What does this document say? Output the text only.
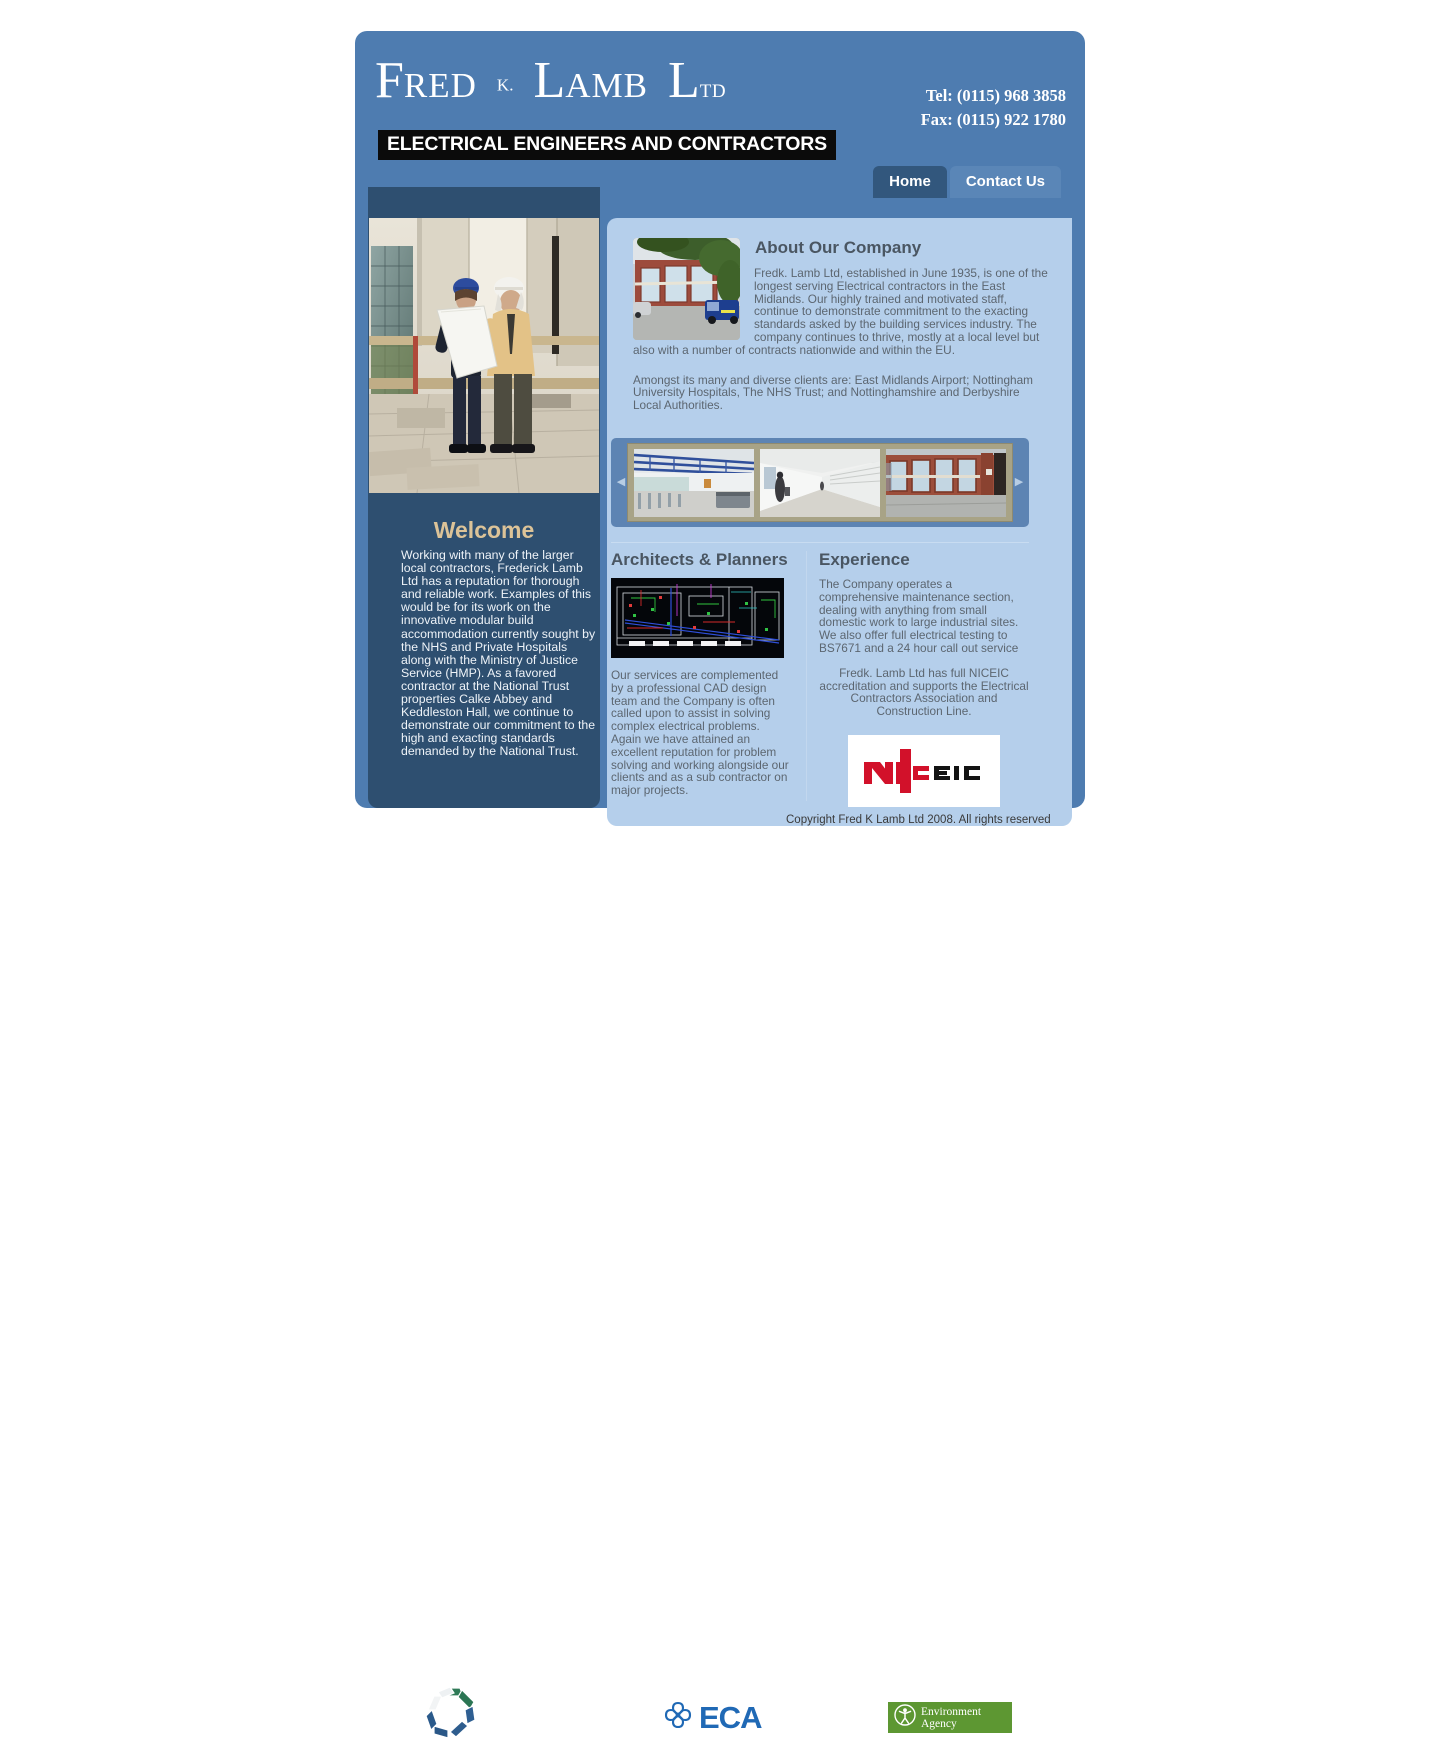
FRED K. LAMB LTD
ELECTRICAL ENGINEERS AND CONTRACTORS
Tel: (0115) 968 3858
Fax: (0115) 922 1780
Home	Contact Us
Welcome
Working with many of the larger local contractors, Frederick Lamb Ltd has a reputation for thorough and reliable work. Examples of this would be for its work on the innovative modular build accommodation currently sought by the NHS and Private Hospitals along with the Ministry of Justice Service (HMP). As a favored contractor at the National Trust properties Calke Abbey and Keddleston Hall, we continue to demonstrate our commitment to the high and exacting standards demanded by the National Trust.
About Our Company
Fredk. Lamb Ltd, established in June 1935, is one of the longest serving Electrical contractors in the East Midlands. Our highly trained and motivated staff, continue to demonstrate commitment to the exacting standards asked by the building services industry. The company continues to thrive, mostly at a local level but also with a number of contracts nationwide and within the EU.
Amongst its many and diverse clients are: East Midlands Airport; Nottingham University Hospitals, The NHS Trust; and Nottinghamshire and Derbyshire Local Authorities.
◀	▶
Architects & Planners
Our services are complemented by a professional CAD design team and the Company is often called upon to assist in solving complex electrical problems. Again we have attained an excellent reputation for problem solving and working alongside our clients and as a sub contractor on major projects.
Experience
The Company operates a comprehensive maintenance section, dealing with anything from small domestic work to large industrial sites. We also offer full electrical testing to BS7671 and a 24 hour call out service
Fredk. Lamb Ltd has full NICEIC accreditation and supports the Electrical Contractors Association and Construction Line.
Copyright Fred K Lamb Ltd 2008. All rights reserved
ECA	Environment
Agency
